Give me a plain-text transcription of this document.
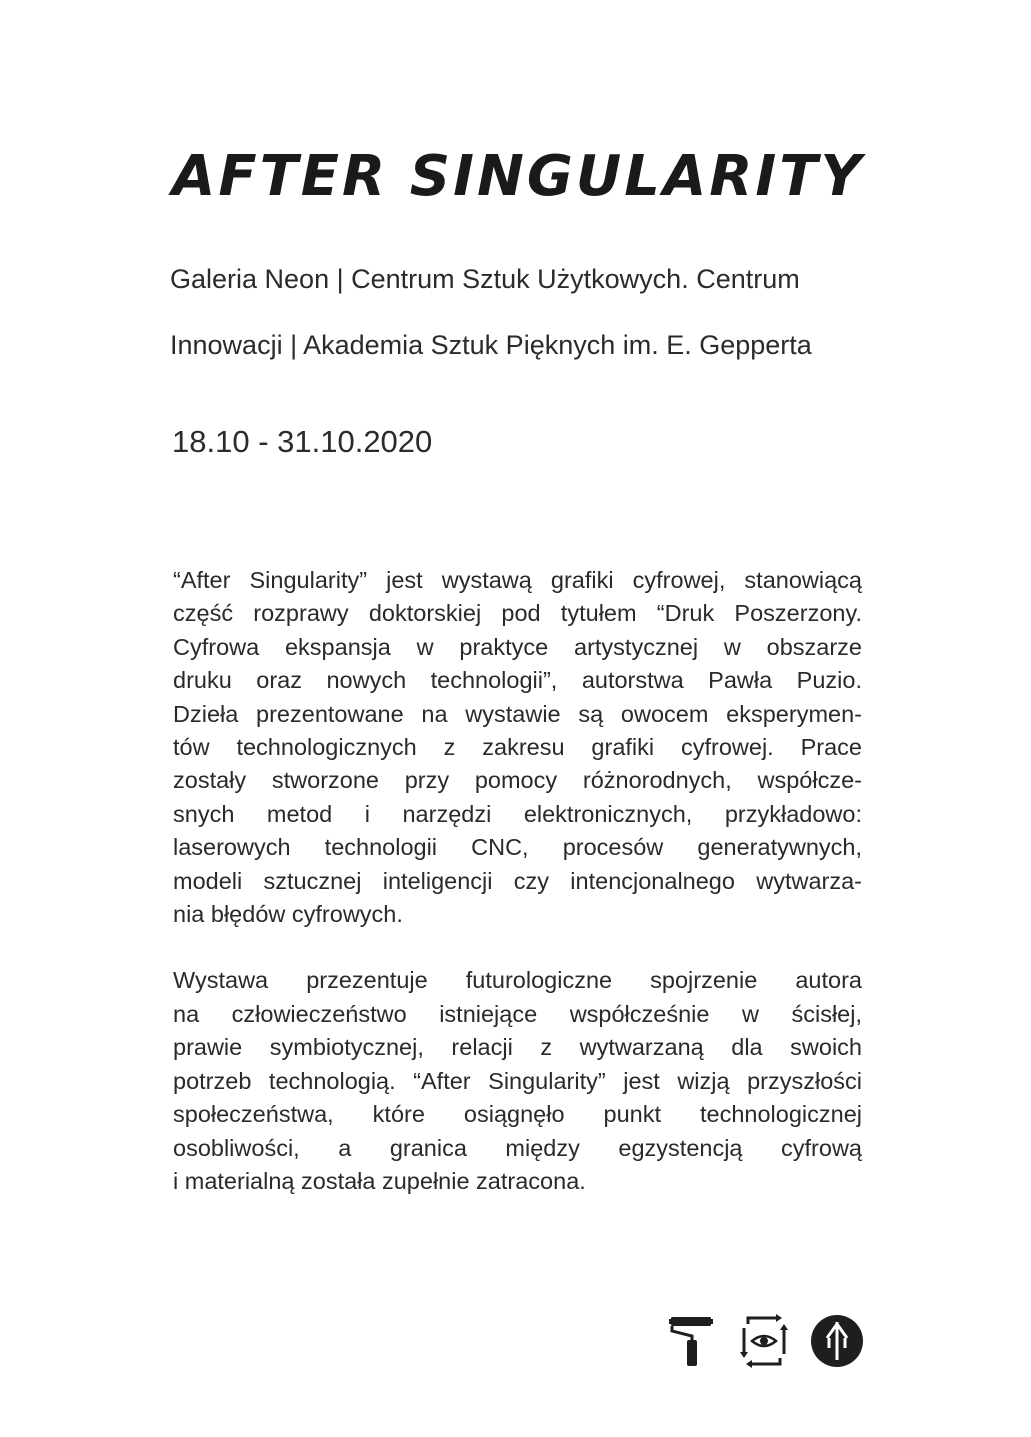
AFTER SINGULARITY
Galeria Neon | Centrum Sztuk Użytkowych. Centrum
Innowacji | Akademia Sztuk Pięknych im. E. Gepperta
18.10 - 31.10.2020

“After Singularity” jest wystawą grafiki cyfrowej, stanowiącą
część rozprawy doktorskiej pod tytułem “Druk Poszerzony.
Cyfrowa ekspansja w praktyce artystycznej w obszarze
druku oraz nowych technologii”, autorstwa Pawła Puzio.
Dzieła prezentowane na wystawie są owocem eksperymen-
tów technologicznych z zakresu grafiki cyfrowej. Prace
zostały stworzone przy pomocy różnorodnych, współcze-
snych metod i narzędzi elektronicznych, przykładowo:
laserowych technologii CNC, procesów generatywnych,
modeli sztucznej inteligencji czy intencjonalnego wytwarza-
nia błędów cyfrowych.

Wystawa przezentuje futurologiczne spojrzenie autora
na człowieczeństwo istniejące współcześnie w ścisłej,
prawie symbiotycznej, relacji z wytwarzaną dla swoich
potrzeb technologią. “After Singularity” jest wizją przyszłości
społeczeństwa, które osiągnęło punkt technologicznej
osobliwości, a granica między egzystencją cyfrową
i materialną została zupełnie zatracona.
